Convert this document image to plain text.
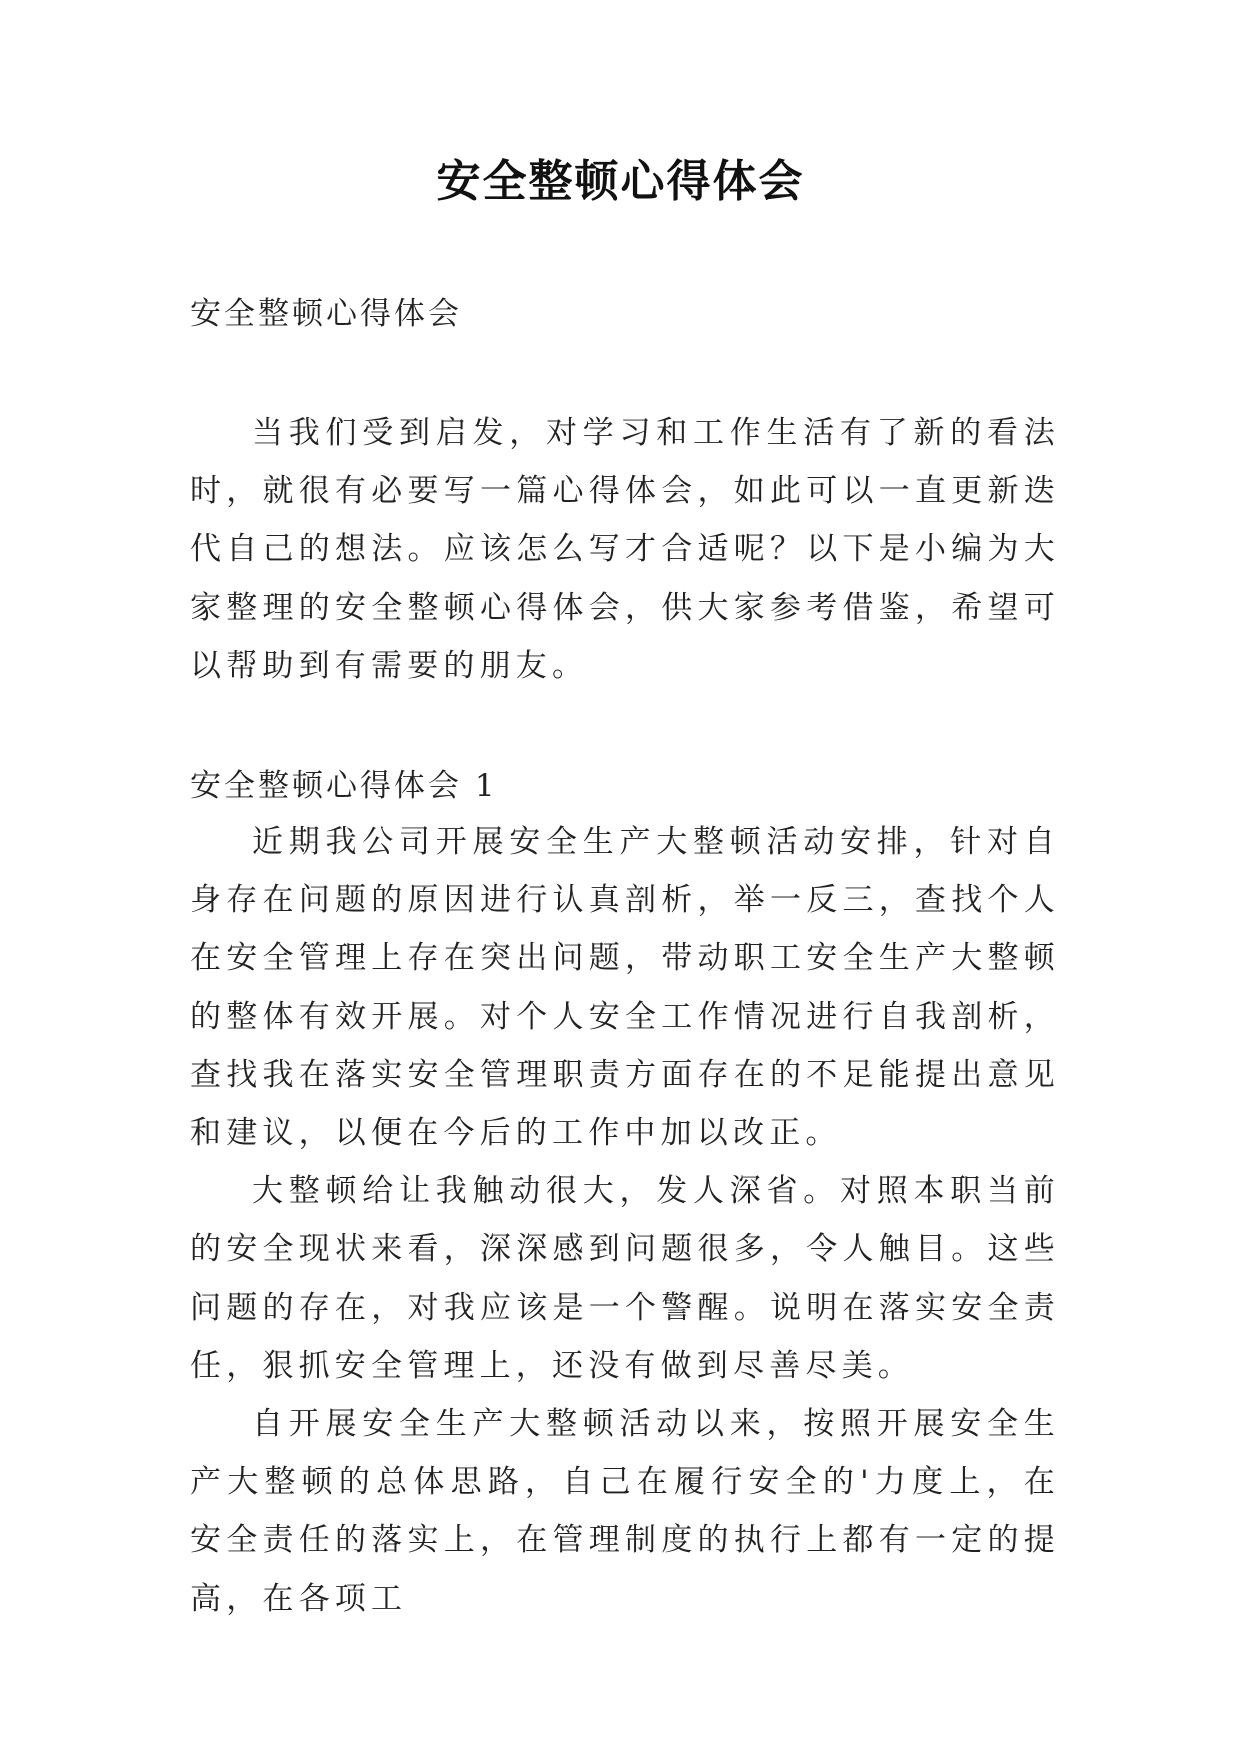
安全整顿心得体会
安全整顿心得体会

当我们受到启发，对学习和工作生活有了新的看法时，就很有必要写一篇心得体会，如此可以一直更新迭代自己的想法。应该怎么写才合适呢？以下是小编为大家整理的安全整顿心得体会，供大家参考借鉴，希望可以帮助到有需要的朋友。

安全整顿心得体会 1

近期我公司开展安全生产大整顿活动安排，针对自身存在问题的原因进行认真剖析，举一反三，查找个人在安全管理上存在突出问题，带动职工安全生产大整顿的整体有效开展。对个人安全工作情况进行自我剖析，查找我在落实安全管理职责方面存在的不足能提出意见和建议，以便在今后的工作中加以改正。

大整顿给让我触动很大，发人深省。对照本职当前的安全现状来看，深深感到问题很多，令人触目。这些问题的存在，对我应该是一个警醒。说明在落实安全责任，狠抓安全管理上，还没有做到尽善尽美。

自开展安全生产大整顿活动以来，按照开展安全生产大整顿的总体思路，自己在履行安全的'力度上，在安全责任的落实上，在管理制度的执行上都有一定的提高，在各项工
